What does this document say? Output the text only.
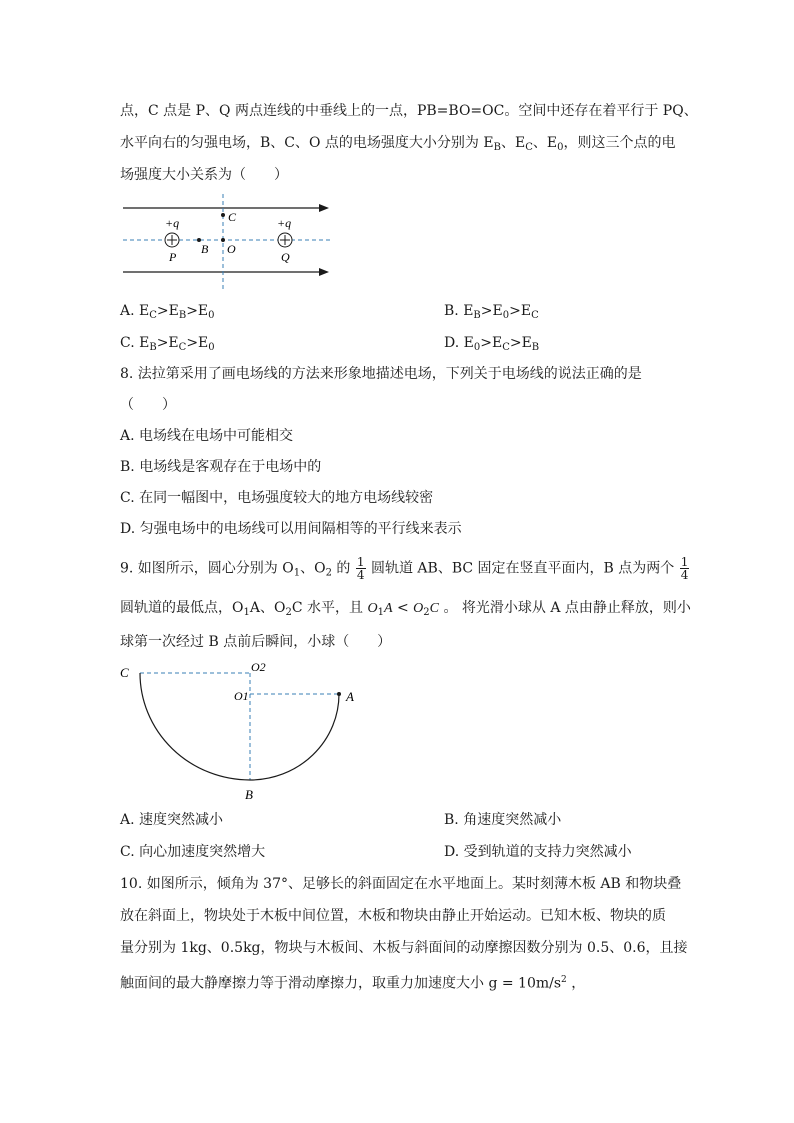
点，C 点是 P、Q 两点连线的中垂线上的一点，PB=BO=OC。空间中还存在着平行于 PQ、
水平向右的匀强电场，B、C、O 点的电场强度大小分别为 $E_B$、$E_C$、$E_0$，则这三个点的电
场强度大小关系为（　　）
+q	+q
C
P
B O
Q
A. $E_C>E_B>E_0$	B. $E_B>E_0>E_C$
C. $E_B>E_C>E_0$	D. $E_0>E_C>E_B$
8. 法拉第采用了画电场线的方法来形象地描述电场，下列关于电场线的说法正确的是
（　　）
A. 电场线在电场中可能相交
B. 电场线是客观存在于电场中的
C. 在同一幅图中，电场强度较大的地方电场线较密
D. 匀强电场中的电场线可以用间隔相等的平行线来表示
9. 如图所示，圆心分别为 $O_1$、$O_2$ 的 $\frac{1}{4}$ 圆轨道 AB、BC 固定在竖直平面内，B 点为两个 $\frac{1}{4}$
圆轨道的最低点，$O_1A$、$O_2C$ 水平，且 $O_1A < O_2C$ 。 将光滑小球从 A 点由静止释放，则小
球第一次经过 B 点前后瞬间，小球（　　）
C	O2
O1	A
B
A. 速度突然减小	B. 角速度突然减小
C. 向心加速度突然增大	D. 受到轨道的支持力突然减小
10. 如图所示，倾角为 37°、足够长的斜面固定在水平地面上。某时刻薄木板 AB 和物块叠
放在斜面上，物块处于木板中间位置，木板和物块由静止开始运动。已知木板、物块的质
量分别为 1kg、0.5kg，物块与木板间、木板与斜面间的动摩擦因数分别为 0.5、0.6，且接
触面间的最大静摩擦力等于滑动摩擦力，取重力加速度大小 $g = 10m/s^2$ ，
